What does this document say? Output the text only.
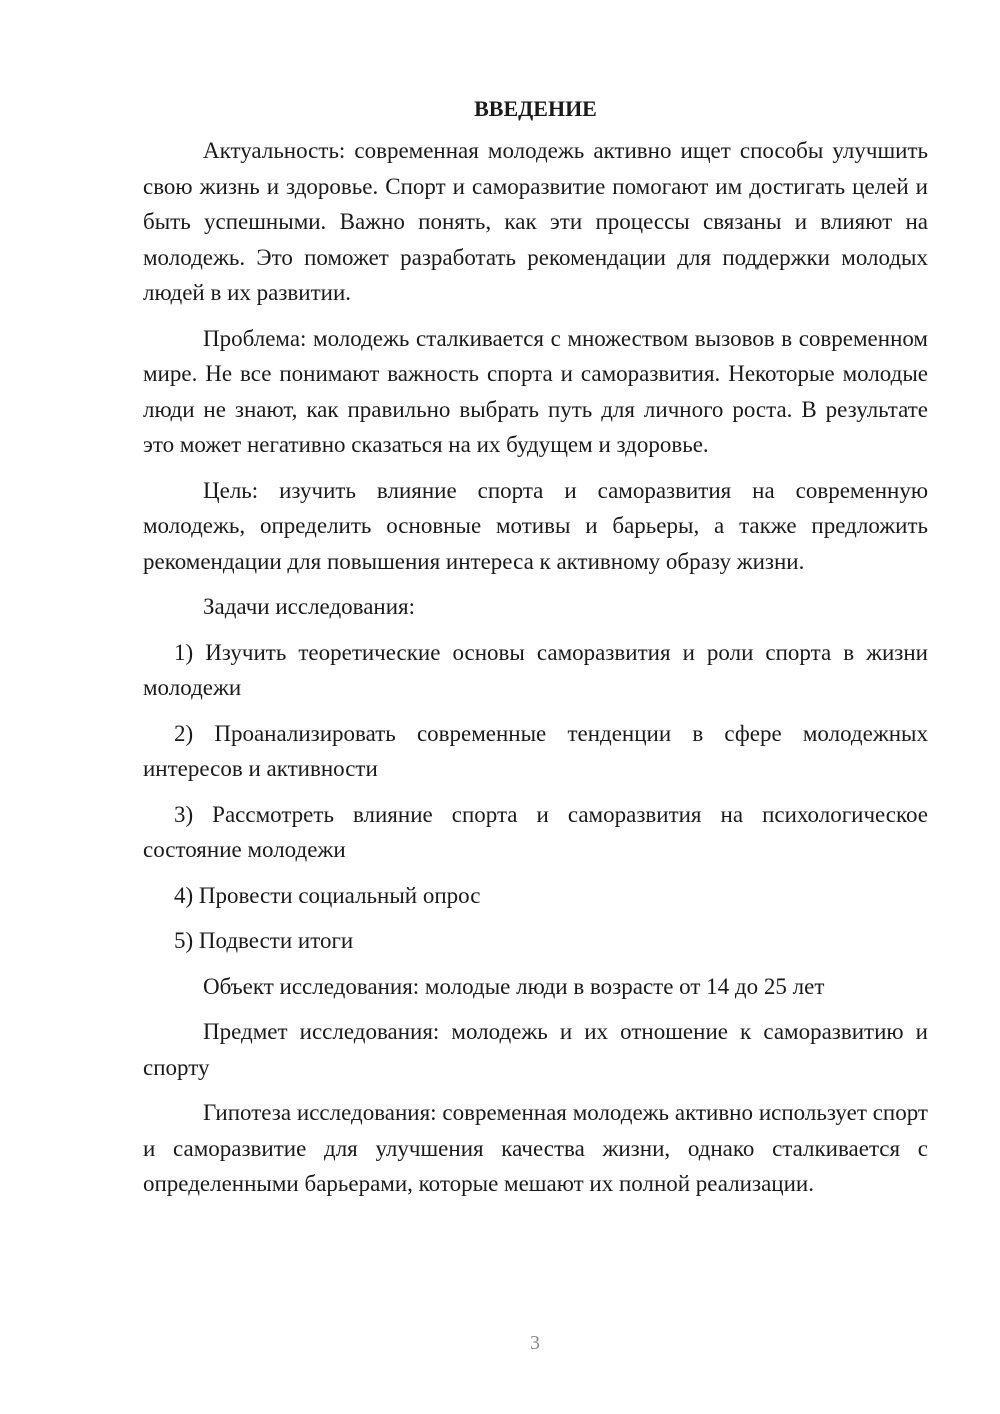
ВВЕДЕНИЕ

Актуальность: современная молодежь активно ищет способы улучшить свою жизнь и здоровье. Спорт и саморазвитие помогают им достигать целей и быть успешными. Важно понять, как эти процессы связаны и влияют на молодежь. Это поможет разработать рекомендации для поддержки молодых людей в их развитии.

Проблема: молодежь сталкивается с множеством вызовов в современном мире. Не все понимают важность спорта и саморазвития. Некоторые молодые люди не знают, как правильно выбрать путь для личного роста. В результате это может негативно сказаться на их будущем и здоровье.

Цель: изучить влияние спорта и саморазвития на современную молодежь, определить основные мотивы и барьеры, а также предложить рекомендации для повышения интереса к активному образу жизни.

Задачи исследования:

1) Изучить теоретические основы саморазвития и роли спорта в жизни молодежи

2) Проанализировать современные тенденции в сфере молодежных интересов и активности

3) Рассмотреть влияние спорта и саморазвития на психологическое состояние молодежи

4) Провести социальный опрос

5) Подвести итоги

Объект исследования: молодые люди в возрасте от 14 до 25 лет

Предмет исследования: молодежь и их отношение к саморазвитию и спорту

Гипотеза исследования: современная молодежь активно использует спорт и саморазвитие для улучшения качества жизни, однако сталкивается с определенными барьерами, которые мешают их полной реализации.

3
